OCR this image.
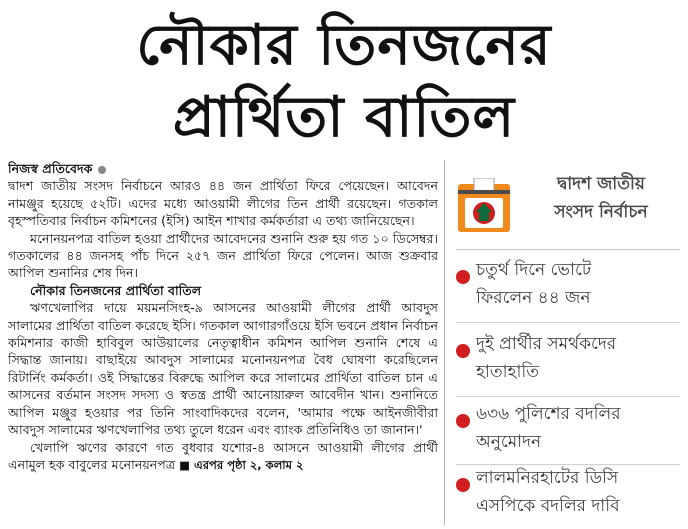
নৌকার তিনজনের
প্রার্থিতা বাতিল

নিজস্ব প্রতিবেদক

দ্বাদশ জাতীয় সংসদ নির্বাচনে আরও ৪৪ জন প্রার্থিতা ফিরে পেয়েছেন। আবেদন নামঞ্জুর হয়েছে ৫২টি। এদের মধ্যে আওয়ামী লীগের তিন প্রার্থী রয়েছেন। গতকাল বৃহস্পতিবার নির্বাচন কমিশনের (ইসি) আইন শাখার কর্মকর্তারা এ তথ্য জানিয়েছেন।

মনোনয়নপত্র বাতিল হওয়া প্রার্থীদের আবেদনের শুনানি শুরু হয় গত ১০ ডিসেম্বর। গতকালের ৪৪ জনসহ পাঁচ দিনে ২৫৭ জন প্রার্থিতা ফিরে পেলেন। আজ শুক্রবার আপিল শুনানির শেষ দিন।

নৌকার তিনজনের প্রার্থিতা বাতিল

ঋণখেলাপির দায়ে ময়মনসিংহ-৯ আসনের আওয়ামী লীগের প্রার্থী আবদুস সালামের প্রার্থিতা বাতিল করেছে ইসি। গতকাল আগারগাঁওয়ে ইসি ভবনে প্রধান নির্বাচন কমিশনার কাজী হাবিবুল আউয়ালের নেতৃত্বাধীন কমিশন আপিল শুনানি শেষে এ সিদ্ধান্ত জানায়। বাছাইয়ে আবদুস সালামের মনোনয়নপত্র বৈধ ঘোষণা করেছিলেন রিটার্নিং কর্মকর্তা। ওই সিদ্ধান্তের বিরুদ্ধে আপিল করে সালামের প্রার্থিতা বাতিল চান এ আসনের বর্তমান সংসদ সদস্য ও স্বতন্ত্র প্রার্থী আনোয়ারুল আবেদীন খান। শুনানিতে আপিল মঞ্জুর হওয়ার পর তিনি সাংবাদিকদের বলেন, 'আমার পক্ষে আইনজীবীরা আবদুস সালামের ঋণখেলাপির তথ্য তুলে ধরেন এবং ব্যাংক প্রতিনিধিও তা জানান।'

খেলাপি ঋণের কারণে গত বুধবার যশোর-৪ আসনে আওয়ামী লীগের প্রার্থী এনামুল হক বাবুলের মনোনয়নপত্র ■ এরপর পৃষ্ঠা ২, কলাম ২

দ্বাদশ জাতীয়
সংসদ নির্বাচন
চতুর্থ দিনে ভোটে
ফিরলেন ৪৪ জন
দুই প্রার্থীর সমর্থকদের
হাতাহাতি
৬৩৬ পুলিশের বদলির
অনুমোদন
লালমনিরহাটের ডিসি
এসপিকে বদলির দাবি
